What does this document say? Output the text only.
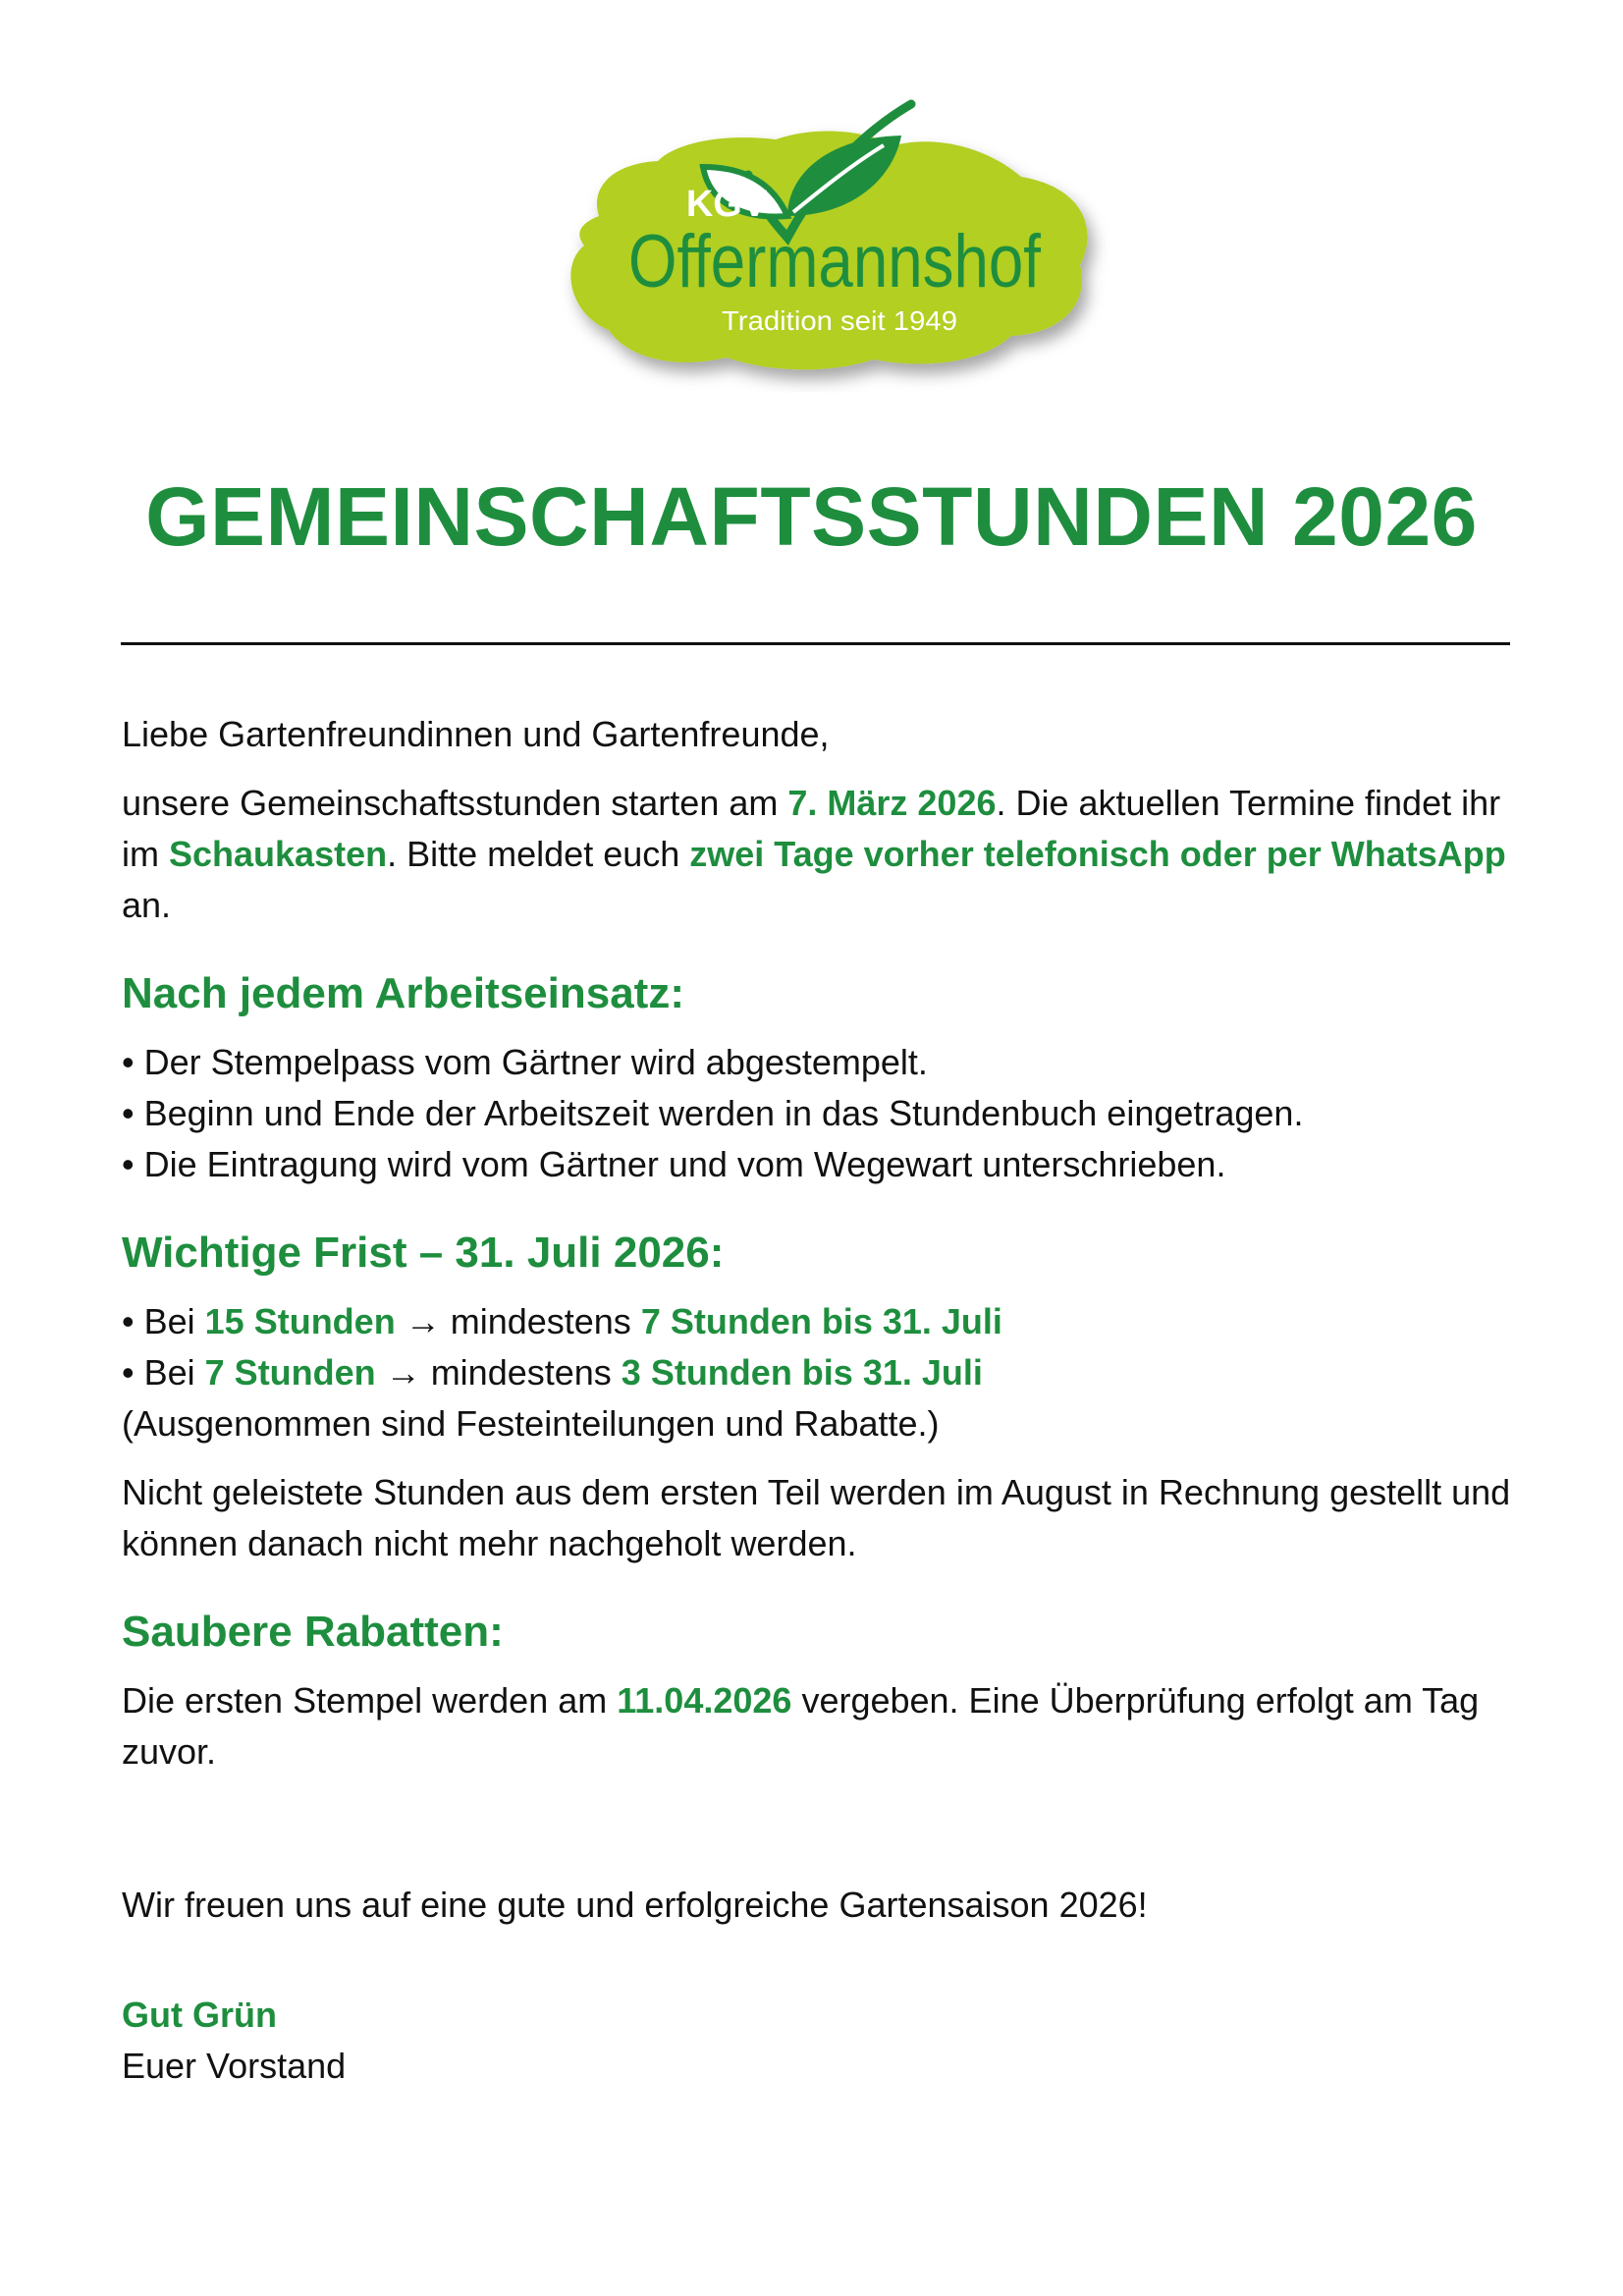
KGV
Offermannshof
Tradition seit 1949
GEMEINSCHAFTSSTUNDEN 2026

Liebe Gartenfreundinnen und Gartenfreunde,

unsere Gemeinschaftsstunden starten am 7. März 2026. Die aktuellen Termine findet ihr im Schaukasten. Bitte meldet euch zwei Tage vorher telefonisch oder per WhatsApp an.

Nach jedem Arbeitseinsatz:

• Der Stempelpass vom Gärtner wird abgestempelt.

• Beginn und Ende der Arbeitszeit werden in das Stundenbuch eingetragen.

• Die Eintragung wird vom Gärtner und vom Wegewart unterschrieben.

Wichtige Frist – 31. Juli 2026:

• Bei 15 Stunden → mindestens 7 Stunden bis 31. Juli

• Bei 7 Stunden → mindestens 3 Stunden bis 31. Juli

(Ausgenommen sind Festeinteilungen und Rabatte.)

Nicht geleistete Stunden aus dem ersten Teil werden im August in Rechnung gestellt und können danach nicht mehr nachgeholt werden.

Saubere Rabatten:

Die ersten Stempel werden am 11.04.2026 vergeben. Eine Überprüfung erfolgt am Tag zuvor.

Wir freuen uns auf eine gute und erfolgreiche Gartensaison 2026!

Gut Grün

Euer Vorstand
